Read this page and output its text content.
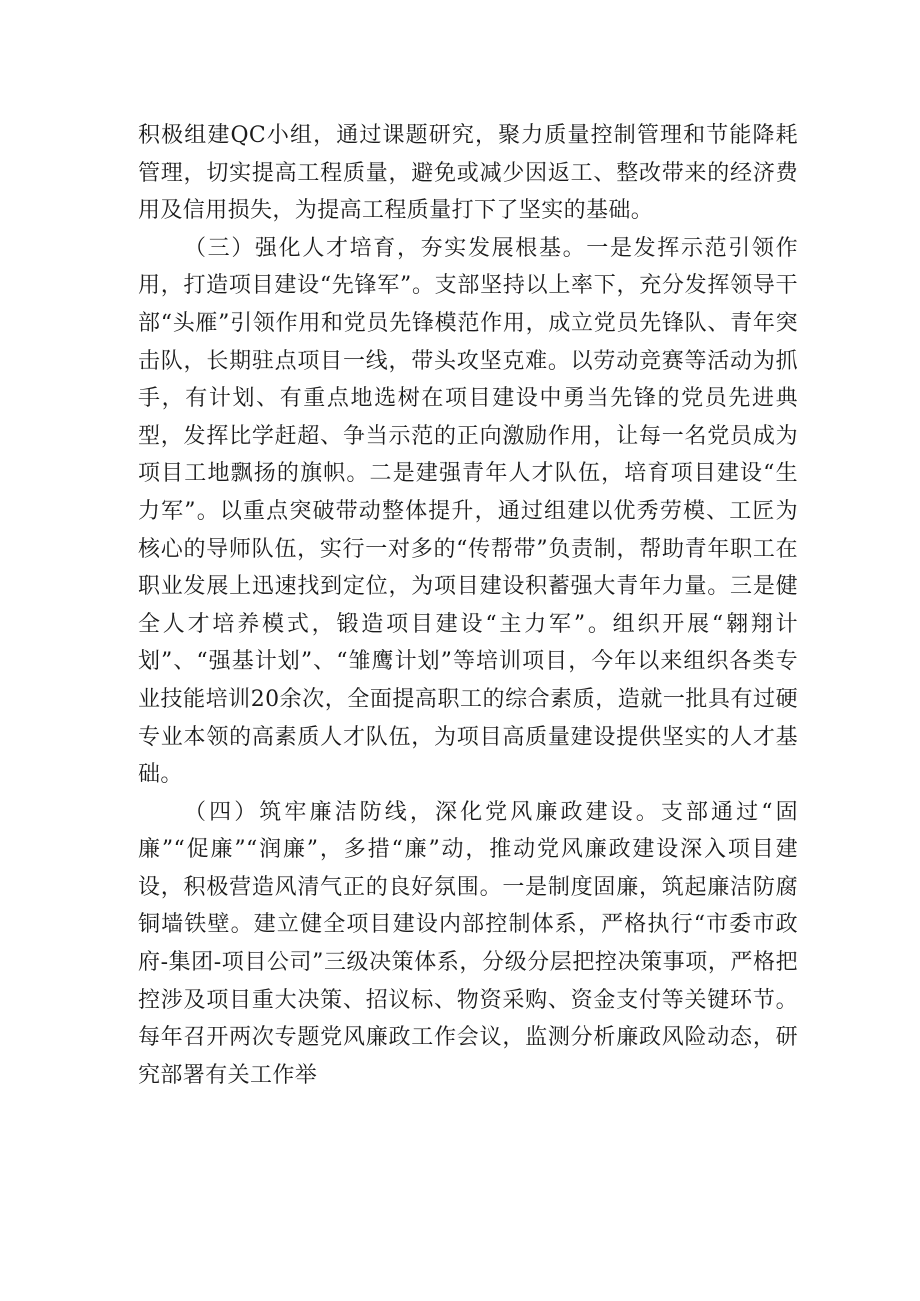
积极组建QC小组，通过课题研究，聚力质量控制管理和节能降耗管理，切实提高工程质量，避免或减少因返工、整改带来的经济费用及信用损失，为提高工程质量打下了坚实的基础。

（三）强化人才培育，夯实发展根基。一是发挥示范引领作用，打造项目建设“先锋军”。支部坚持以上率下，充分发挥领导干部“头雁”引领作用和党员先锋模范作用，成立党员先锋队、青年突击队，长期驻点项目一线，带头攻坚克难。以劳动竞赛等活动为抓手，有计划、有重点地选树在项目建设中勇当先锋的党员先进典型，发挥比学赶超、争当示范的正向激励作用，让每一名党员成为项目工地飘扬的旗帜。二是建强青年人才队伍，培育项目建设“生力军”。以重点突破带动整体提升，通过组建以优秀劳模、工匠为核心的导师队伍，实行一对多的“传帮带”负责制，帮助青年职工在职业发展上迅速找到定位，为项目建设积蓄强大青年力量。三是健全人才培养模式，锻造项目建设“主力军”。组织开展“翱翔计划”、“强基计划”、“雏鹰计划”等培训项目，今年以来组织各类专业技能培训20余次，全面提高职工的综合素质，造就一批具有过硬专业本领的高素质人才队伍，为项目高质量建设提供坚实的人才基础。

（四）筑牢廉洁防线，深化党风廉政建设。支部通过“固廉”“促廉”“润廉”，多措“廉”动，推动党风廉政建设深入项目建设，积极营造风清气正的良好氛围。一是制度固廉，筑起廉洁防腐铜墙铁壁。建立健全项目建设内部控制体系，严格执行“市委市政府-集团-项目公司”三级决策体系，分级分层把控决策事项，严格把控涉及项目重大决策、招议标、物资采购、资金支付等关键环节。每年召开两次专题党风廉政工作会议，监测分析廉政风险动态，研究部署有关工作举
